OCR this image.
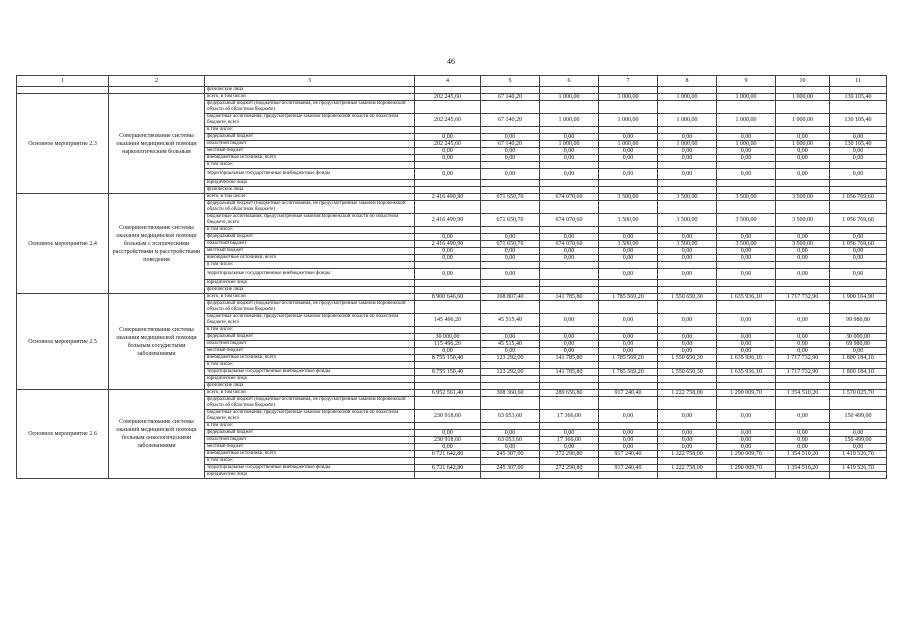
46
1	2	3	4	5	6	7	8	9	10	11
		физические лица								
Основное мероприятие 2.3	Совершенствование системы оказания медицинской помощи наркологическим больным	всего, в том числе:	202 245,60	67 140,20	1 000,00	1 000,00	1 000,00	1 000,00	1 000,00	130 105,40
		федеральный бюджет (бюджетные ассигнования, не предусмотренные законом Воронежской области об областном бюджете)								
		бюджетные ассигнования, предусмотренные законом Воронежской области об областном бюджете, всего	202 245,60	67 140,20	1 000,00	1 000,00	1 000,00	1 000,00	1 000,00	130 105,40
		в том числе:								
		федеральный бюджет	0,00	0,00	0,00	0,00	0,00	0,00	0,00	0,00
		областной бюджет	202 245,60	67 140,20	1 000,00	1 000,00	1 000,00	1 000,00	1 000,00	130 105,40
		местный бюджет	0,00	0,00	0,00	0,00	0,00	0,00	0,00	0,00
		внебюджетные источники, всего	0,00	0,00	0,00	0,00	0,00	0,00	0,00	0,00
		в том числе:								
		территориальные государственные внебюджетные фонды	0,00	0,00	0,00	0,00	0,00	0,00	0,00	0,00
		юридические лица								
		физические лица								
Основное мероприятие 2.4	Совершенствование системы оказания медицинской помощи больным с психическими расстройствами и расстройствами поведения	всего, в том числе:	2 416 490,90	671 650,70	674 070,60	3 500,00	3 500,00	3 500,00	3 500,00	1 056 769,60
		федеральный бюджет (бюджетные ассигнования, не предусмотренные законом Воронежской области об областном бюджете)								
		бюджетные ассигнования, предусмотренные законом Воронежской области об областном бюджете, всего	2 416 490,90	671 650,70	674 070,60	3 500,00	3 500,00	3 500,00	3 500,00	1 056 769,60
		в том числе:								
		федеральный бюджет	0,00	0,00	0,00	0,00	0,00	0,00	0,00	0,00
		областной бюджет	2 416 490,90	671 650,70	674 070,60	3 500,00	3 500,00	3 500,00	3 500,00	1 056 769,60
		местный бюджет	0,00	0,00	0,00	0,00	0,00	0,00	0,00	0,00
		внебюджетные источники, всего	0,00	0,00	0,00	0,00	0,00	0,00	0,00	0,00
		в том числе:								
		территориальные государственные внебюджетные фонды	0,00	0,00		0,00	0,00	0,00	0,00	0,00
		юридические лица								
		физические лица								
Основное мероприятие 2.5	Совершенствование системы оказания медицинской помощи больным сосудистыми заболеваниями	всего, в том числе:	8 900 646,60	168 807,40	141 785,80	1 785 569,20	1 550 650,30	1 635 936,10	1 717 732,90	1 900 164,90
		федеральный бюджет (бюджетные ассигнования, не предусмотренные законом Воронежской области об областном бюджете)								
		бюджетные ассигнования, предусмотренные законом Воронежской области об областном бюджете, всего	145 496,20	45 515,40	0,00	0,00	0,00	0,00	0,00	99 980,80
		в том числе:								
		федеральный бюджет	30 000,00	0,00	0,00	0,00	0,00	0,00	0,00	30 000,00
		областной бюджет	115 496,20	45 515,40	0,00	0,00	0,00	0,00	0,00	69 980,80
		местный бюджет	0,00	0,00	0,00	0,00	0,00	0,00	0,00	0,00
		внебюджетные источники, всего	8 755 150,40	123 292,00	141 785,80	1 785 569,20	1 550 650,30	1 635 936,10	1 717 732,90	1 800 184,10
		в том числе:								
		территориальные государственные внебюджетные фонды	8 755 150,40	123 292,00	141 785,80	1 785 569,20	1 550 650,30	1 635 936,10	1 717 732,90	1 800 184,10
		юридические лица								
		физические лица								
Основное мероприятие 2.6	Совершенствование системы оказания медицинской помощи больным онкологическими заболеваниями	всего, в том числе:	6 952 561,40	308 360,60	289 656,80	917 240,40	1 222 758,00	1 290 009,70	1 354 510,20	1 570 025,70
		федеральный бюджет (бюджетные ассигнования, не предусмотренные законом Воронежской области об областном бюджете)								
		бюджетные ассигнования, предусмотренные законом Воронежской области об областном бюджете, всего	230 918,60	63 053,60	17 366,00	0,00	0,00	0,00	0,00	150 499,00
		в том числе:								
		федеральный бюджет	0,00	0,00	0,00	0,00	0,00	0,00	0,00	0,00
		областной бюджет	230 918,60	63 053,60	17 366,00	0,00	0,00	0,00	0,00	150 499,00
		местный бюджет	0,00	0,00	0,00	0,00	0,00	0,00	0,00	0,00
		внебюджетные источники, всего	6 721 642,80	245 307,00	272 290,80	917 240,40	1 222 758,00	1 290 009,70	1 354 510,20	1 419 526,70
		в том числе:								
		территориальные государственные внебюджетные фонды	6 721 642,80	245 307,00	272 290,80	917 240,40	1 222 758,00	1 290 009,70	1 354 510,20	1 419 526,70
		юридические лица								
